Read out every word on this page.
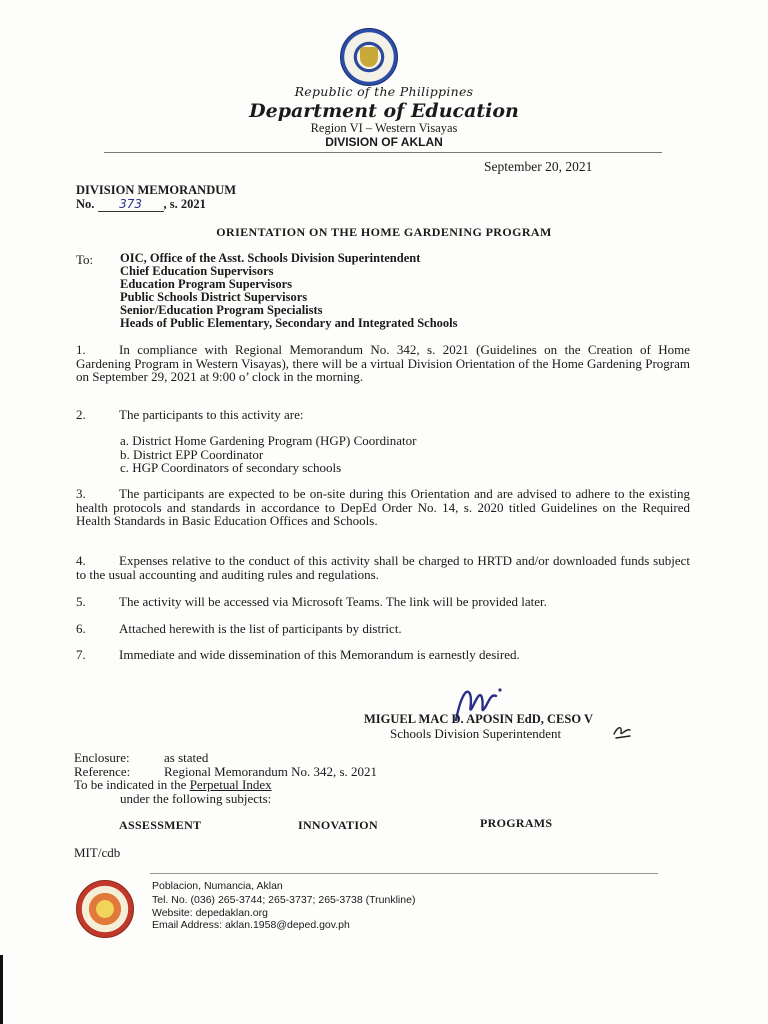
Republic of the Philippines
Department of Education
Region VI – Western Visayas
DIVISION OF AKLAN
September 20, 2021
DIVISION MEMORANDUM
No. 373 , s. 2021
ORIENTATION ON THE HOME GARDENING PROGRAM
To: OIC, Office of the Asst. Schools Division Superintendent
Chief Education Supervisors
Education Program Supervisors
Public Schools District Supervisors
Senior/Education Program Specialists
Heads of Public Elementary, Secondary and Integrated Schools
1.	In compliance with Regional Memorandum No. 342, s. 2021 (Guidelines on the Creation of Home Gardening Program in Western Visayas), there will be a virtual Division Orientation of the Home Gardening Program on September 29, 2021 at 9:00 o’ clock in the morning.
2.	The participants to this activity are:
a. District Home Gardening Program (HGP) Coordinator
b. District EPP Coordinator
c. HGP Coordinators of secondary schools
3.	The participants are expected to be on-site during this Orientation and are advised to adhere to the existing health protocols and standards in accordance to DepEd Order No. 14, s. 2020 titled Guidelines on the Required Health Standards in Basic Education Offices and Schools.
4.	Expenses relative to the conduct of this activity shall be charged to HRTD and/or downloaded funds subject to the usual accounting and auditing rules and regulations.
5.	The activity will be accessed via Microsoft Teams. The link will be provided later.
6.	Attached herewith is the list of participants by district.
7.	Immediate and wide dissemination of this Memorandum is earnestly desired.
MIGUEL MAC D. APOSIN EdD, CESO V
Schools Division Superintendent
Enclosure:	as stated
Reference:	Regional Memorandum No. 342, s. 2021
To be indicated in the Perpetual Index
under the following subjects:
ASSESSMENT	INNOVATION	PROGRAMS
MIT/cdb
Poblacion, Numancia, Aklan
Tel. No. (036) 265-3744; 265-3737; 265-3738 (Trunkline)
Website: depedaklan.org
Email Address: aklan.1958@deped.gov.ph
